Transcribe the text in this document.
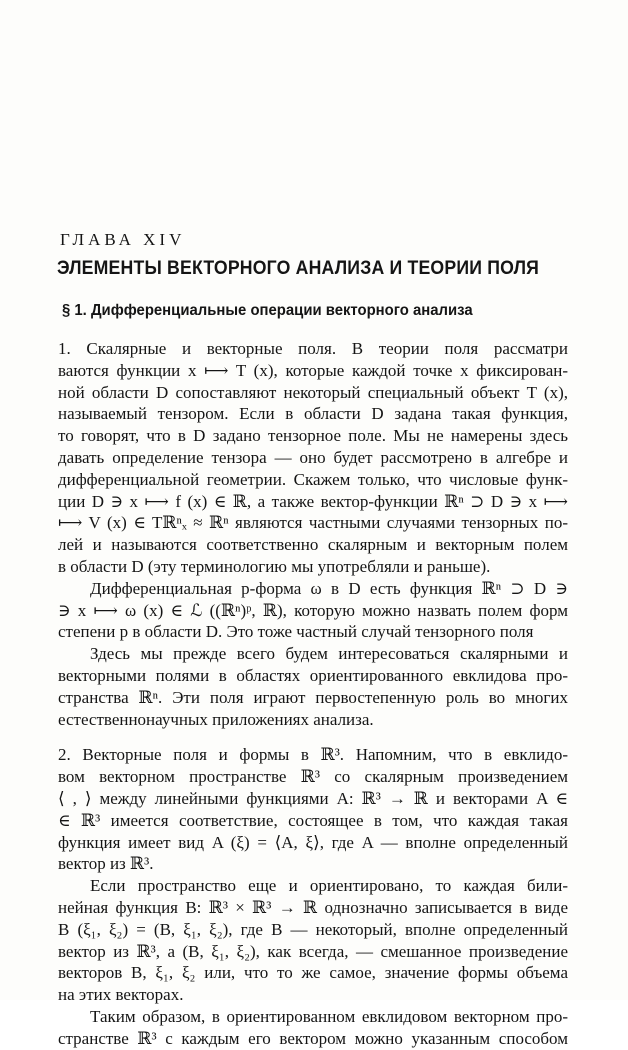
ГЛАВА XIV
ЭЛЕМЕНТЫ ВЕКТОРНОГО АНАЛИЗА И ТЕОРИИ ПОЛЯ
§ 1. Дифференциальные операции векторного анализа
1. Скалярные и векторные поля. В теории поля рассматри
ваются функции x ⟼ T (x), которые каждой точке x фиксирован-
ной области D сопоставляют некоторый специальный объект T (x),
называемый тензором. Если в области D задана такая функция,
то говорят, что в D задано тензорное поле. Мы не намерены здесь
давать определение тензора — оно будет рассмотрено в алгебре и
дифференциальной геометрии. Скажем только, что числовые функ-
ции D ∋ x ⟼ f (x) ∈ ℝ, а также вектор-функции ℝⁿ ⊃ D ∋ x ⟼
⟼ V (x) ∈ Tℝⁿₓ ≈ ℝⁿ являются частными случаями тензорных по-
лей и называются соответственно скалярным и векторным полем
в области D (эту терминологию мы употребляли и раньше).
Дифференциальная p-форма ω в D есть функция ℝⁿ ⊃ D ∋
∋ x ⟼ ω (x) ∈ ℒ ((ℝⁿ)ᵖ, ℝ), которую можно назвать полем форм
степени p в области D. Это тоже частный случай тензорного поля
Здесь мы прежде всего будем интересоваться скалярными и
векторными полями в областях ориентированного евклидова про-
странства ℝⁿ. Эти поля играют первостепенную роль во многих
естественнонаучных приложениях анализа.
2. Векторные поля и формы в ℝ³. Напомним, что в евклидо-
вом векторном пространстве ℝ³ со скалярным произведением
⟨ , ⟩ между линейными функциями A: ℝ³ → ℝ и векторами A ∈
∈ ℝ³ имеется соответствие, состоящее в том, что каждая такая
функция имеет вид A (ξ) = ⟨A, ξ⟩, где A — вполне определенный
вектор из ℝ³.
Если пространство еще и ориентировано, то каждая били-
нейная функция B: ℝ³ × ℝ³ → ℝ однозначно записывается в виде
B (ξ₁, ξ₂) = (B, ξ₁, ξ₂), где B — некоторый, вполне определенный
вектор из ℝ³, а (B, ξ₁, ξ₂), как всегда, — смешанное произведение
векторов B, ξ₁, ξ₂ или, что то же самое, значение формы объема
на этих векторах.
Таким образом, в ориентированном евклидовом векторном про-
странстве ℝ³ с каждым его вектором можно указанным способом
